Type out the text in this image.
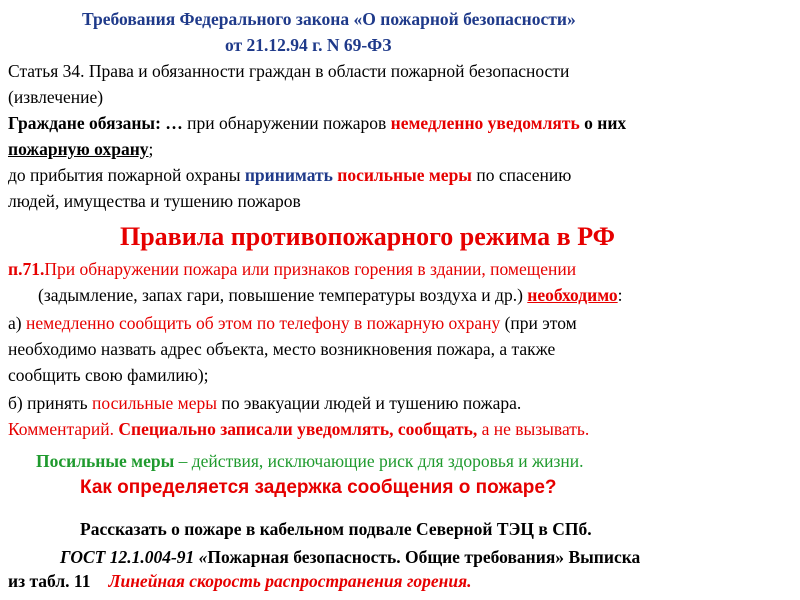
Требования Федерального закона «О пожарной безопасности»
от 21.12.94 г. N 69-ФЗ
Статья 34. Права и обязанности граждан в области пожарной безопасности
(извлечение)
Граждане обязаны: … при обнаружении пожаров немедленно уведомлять о них
пожарную охрану;
до прибытия пожарной охраны принимать посильные меры по спасению
людей, имущества и тушению пожаров
Правила противопожарного режима в РФ
п.71.При обнаружении пожара или признаков горения в здании, помещении
(задымление, запах гари, повышение температуры воздуха и др.) необходимо:
а) немедленно сообщить об этом по телефону в пожарную охрану (при этом
необходимо назвать адрес объекта, место возникновения пожара, а также
сообщить свою фамилию);
б) принять посильные меры по эвакуации людей и тушению пожара.
Комментарий. Специально записали уведомлять, сообщать, а не вызывать.
Посильные меры – действия, исключающие риск для здоровья и жизни.
Как определяется задержка сообщения о пожаре?
Рассказать о пожаре в кабельном подвале Северной ТЭЦ в СПб.
ГОСТ 12.1.004-91 «Пожарная безопасность. Общие требования» Выписка
из табл. 11 Линейная скорость распространения горения.
